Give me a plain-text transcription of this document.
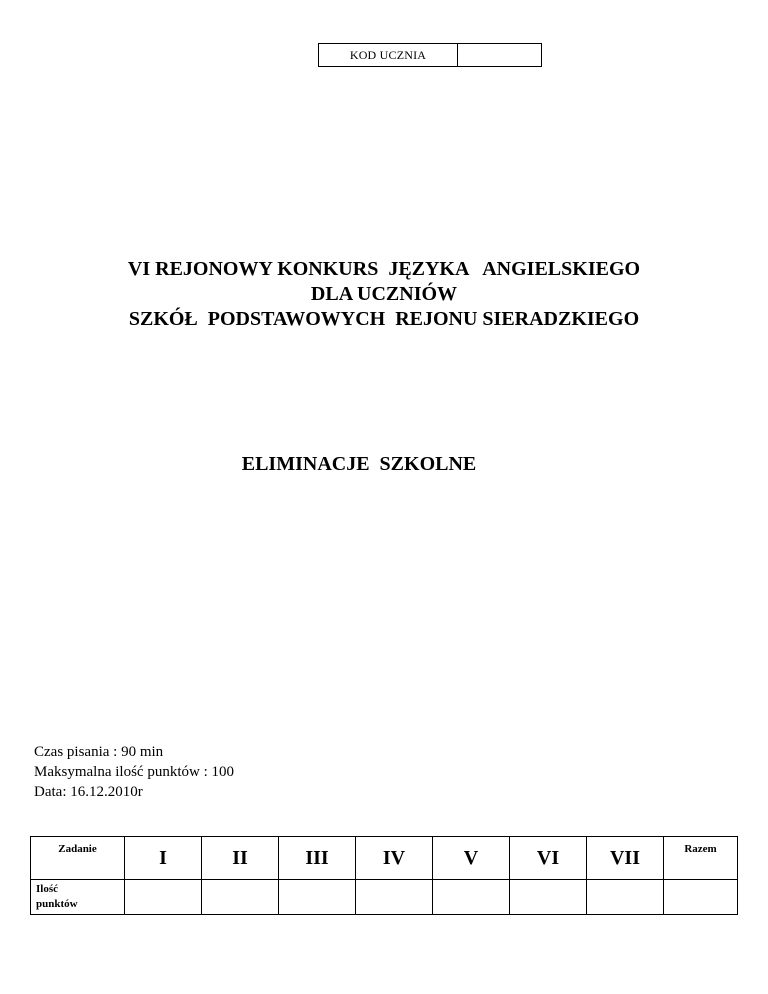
KOD UCZNIA
VI REJONOWY KONKURS  JĘZYKA   ANGIELSKIEGO
DLA UCZNIÓW
SZKÓŁ  PODSTAWOWYCH  REJONU SIERADZKIEGO
ELIMINACJE  SZKOLNE
Czas pisania : 90 min
Maksymalna ilość punktów : 100
Data: 16.12.2010r
Zadanie	I	II	III	IV	V	VI	VII	Razem

Ilość
punktów								
